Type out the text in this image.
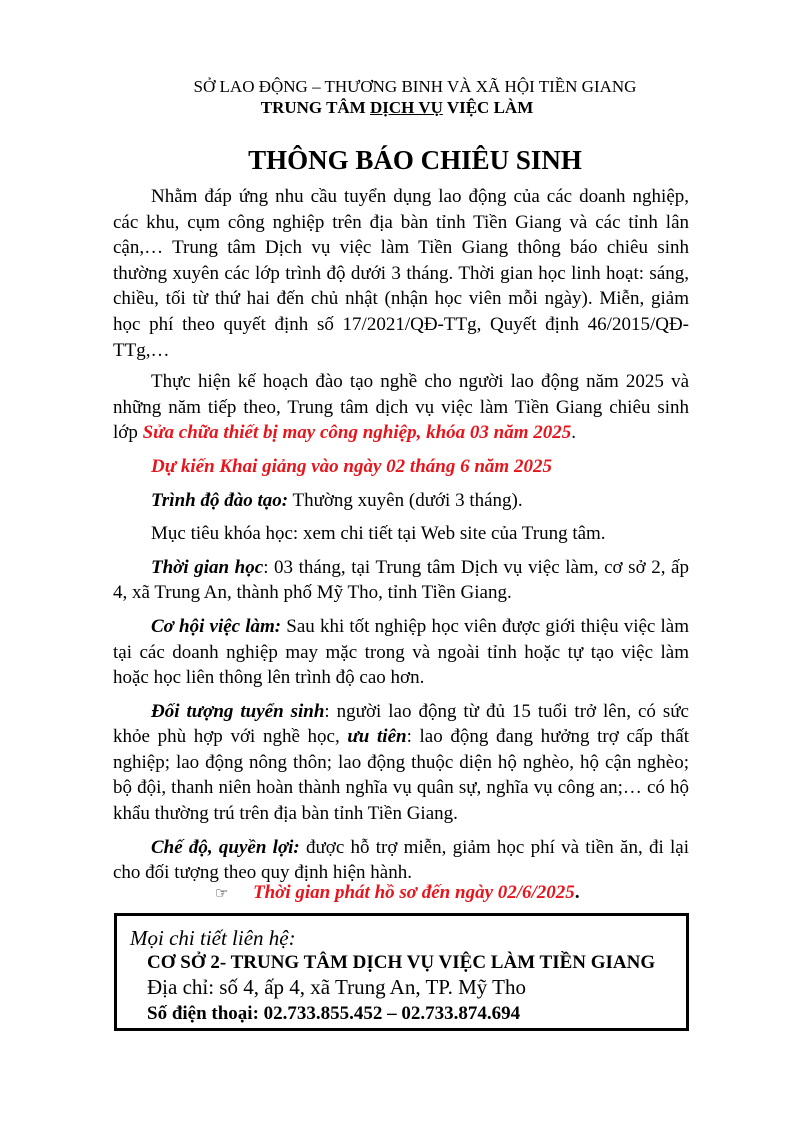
SỞ LAO ĐỘNG – THƯƠNG BINH VÀ XÃ HỘI TIỀN GIANG
TRUNG TÂM DỊCH VỤ VIỆC LÀM
THÔNG BÁO CHIÊU SINH

Nhằm đáp ứng nhu cầu tuyển dụng lao động của các doanh nghiệp, các khu, cụm công nghiệp trên địa bàn tỉnh Tiền Giang và các tỉnh lân cận,… Trung tâm Dịch vụ việc làm Tiền Giang thông báo chiêu sinh thường xuyên các lớp trình độ dưới 3 tháng. Thời gian học linh hoạt: sáng, chiều, tối từ thứ hai đến chủ nhật (nhận học viên mỗi ngày). Miễn, giảm học phí theo quyết định số 17/2021/QĐ-TTg, Quyết định 46/2015/QĐ-TTg,…

Thực hiện kế hoạch đào tạo nghề cho người lao động năm 2025 và những năm tiếp theo, Trung tâm dịch vụ việc làm Tiền Giang chiêu sinh lớp Sửa chữa thiết bị may công nghiệp, khóa 03 năm 2025.

Dự kiến Khai giảng vào ngày 02 tháng 6 năm 2025

Trình độ đào tạo: Thường xuyên (dưới 3 tháng).

Mục tiêu khóa học: xem chi tiết tại Web site của Trung tâm.

Thời gian học: 03 tháng, tại Trung tâm Dịch vụ việc làm, cơ sở 2, ấp 4, xã Trung An, thành phố Mỹ Tho, tỉnh Tiền Giang.

Cơ hội việc làm: Sau khi tốt nghiệp học viên được giới thiệu việc làm tại các doanh nghiệp may mặc trong và ngoài tỉnh hoặc tự tạo việc làm hoặc học liên thông lên trình độ cao hơn.

Đối tượng tuyển sinh: người lao động từ đủ 15 tuổi trở lên, có sức khỏe phù hợp với nghề học, ưu tiên: lao động đang hưởng trợ cấp thất nghiệp; lao động nông thôn; lao động thuộc diện hộ nghèo, hộ cận nghèo; bộ đội, thanh niên hoàn thành nghĩa vụ quân sự, nghĩa vụ công an;… có hộ khẩu thường trú trên địa bàn tỉnh Tiền Giang.

Chế độ, quyền lợi: được hỗ trợ miễn, giảm học phí và tiền ăn, đi lại cho đối tượng theo quy định hiện hành.

☞ Thời gian phát hồ sơ đến ngày 02/6/2025.
Mọi chi tiết liên hệ:
CƠ SỞ 2- TRUNG TÂM DỊCH VỤ VIỆC LÀM TIỀN GIANG
Địa chỉ: số 4, ấp 4, xã Trung An, TP. Mỹ Tho
Số điện thoại: 02.733.855.452 – 02.733.874.694
